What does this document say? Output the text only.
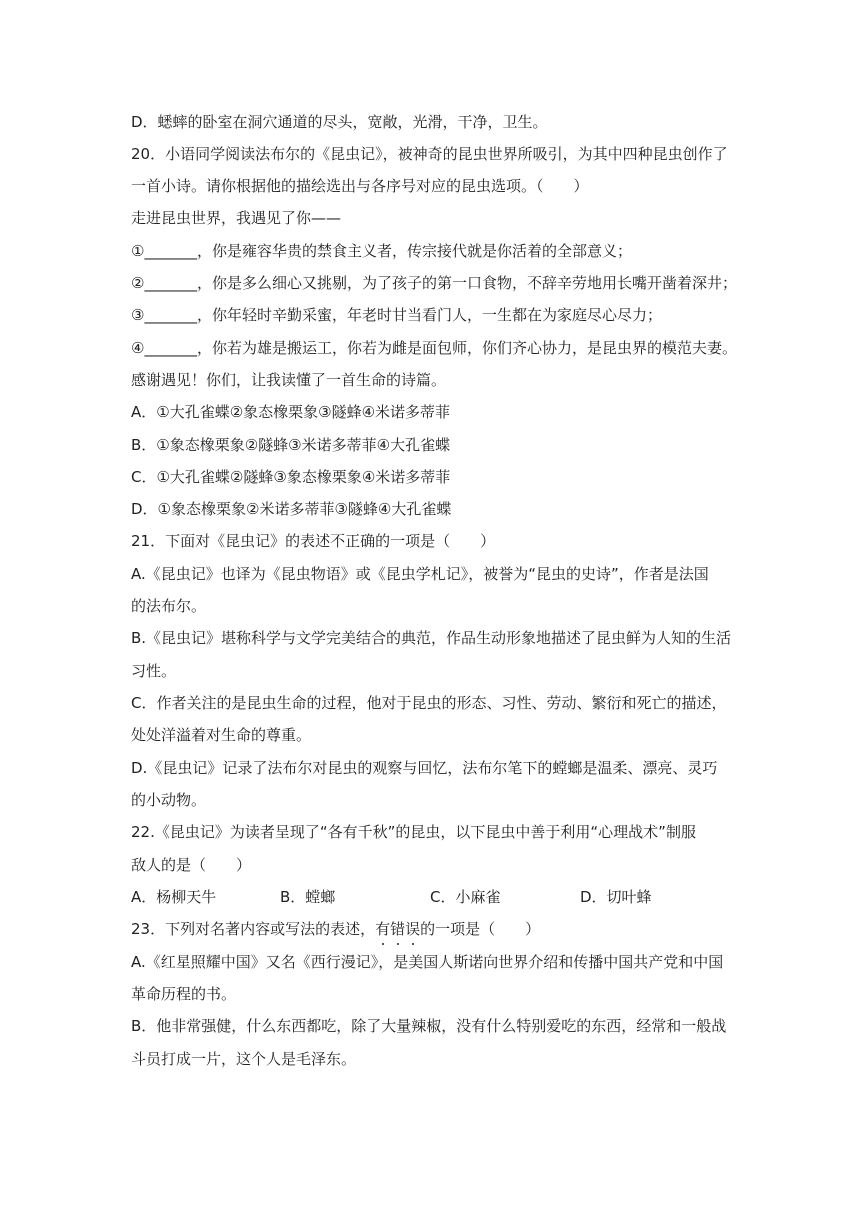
D．蟋蟀的卧室在洞穴通道的尽头，宽敞，光滑，干净，卫生。
20．小语同学阅读法布尔的《昆虫记》，被神奇的昆虫世界所吸引，为其中四种昆虫创作了
一首小诗。请你根据他的描绘选出与各序号对应的昆虫选项。（　　）
走进昆虫世界，我遇见了你——
①_______，你是雍容华贵的禁食主义者，传宗接代就是你活着的全部意义；
②_______，你是多么细心又挑剔，为了孩子的第一口食物，不辞辛劳地用长嘴开凿着深井；
③_______，你年轻时辛勤采蜜，年老时甘当看门人，一生都在为家庭尽心尽力；
④_______，你若为雄是搬运工，你若为雌是面包师，你们齐心协力，是昆虫界的模范夫妻。
感谢遇见！你们，让我读懂了一首生命的诗篇。
A．①大孔雀蝶②象态橡栗象③隧蜂④米诺多蒂菲
B．①象态橡栗象②隧蜂③米诺多蒂菲④大孔雀蝶
C．①大孔雀蝶②隧蜂③象态橡栗象④米诺多蒂菲
D．①象态橡栗象②米诺多蒂菲③隧蜂④大孔雀蝶
21．下面对《昆虫记》的表述不正确的一项是（　　）
A.《昆虫记》也译为《昆虫物语》或《昆虫学札记》，被誉为“昆虫的史诗”，作者是法国
的法布尔。
B.《昆虫记》堪称科学与文学完美结合的典范，作品生动形象地描述了昆虫鲜为人知的生活
习性。
C．作者关注的是昆虫生命的过程，他对于昆虫的形态、习性、劳动、繁衍和死亡的描述，
处处洋溢着对生命的尊重。
D.《昆虫记》记录了法布尔对昆虫的观察与回忆，法布尔笔下的螳螂是温柔、漂亮、灵巧
的小动物。
22.《昆虫记》为读者呈现了“各有千秋”的昆虫，以下昆虫中善于利用“心理战术”制服
敌人的是（　　）
A．杨柳天牛	B．螳螂	C．小麻雀	D．切叶蜂
23．下列对名著内容或写法的表述，有错误的一项是（　　）
A.《红星照耀中国》又名《西行漫记》，是美国人斯诺向世界介绍和传播中国共产党和中国
革命历程的书。
B．他非常强健，什么东西都吃，除了大量辣椒，没有什么特别爱吃的东西，经常和一般战
斗员打成一片，这个人是毛泽东。
